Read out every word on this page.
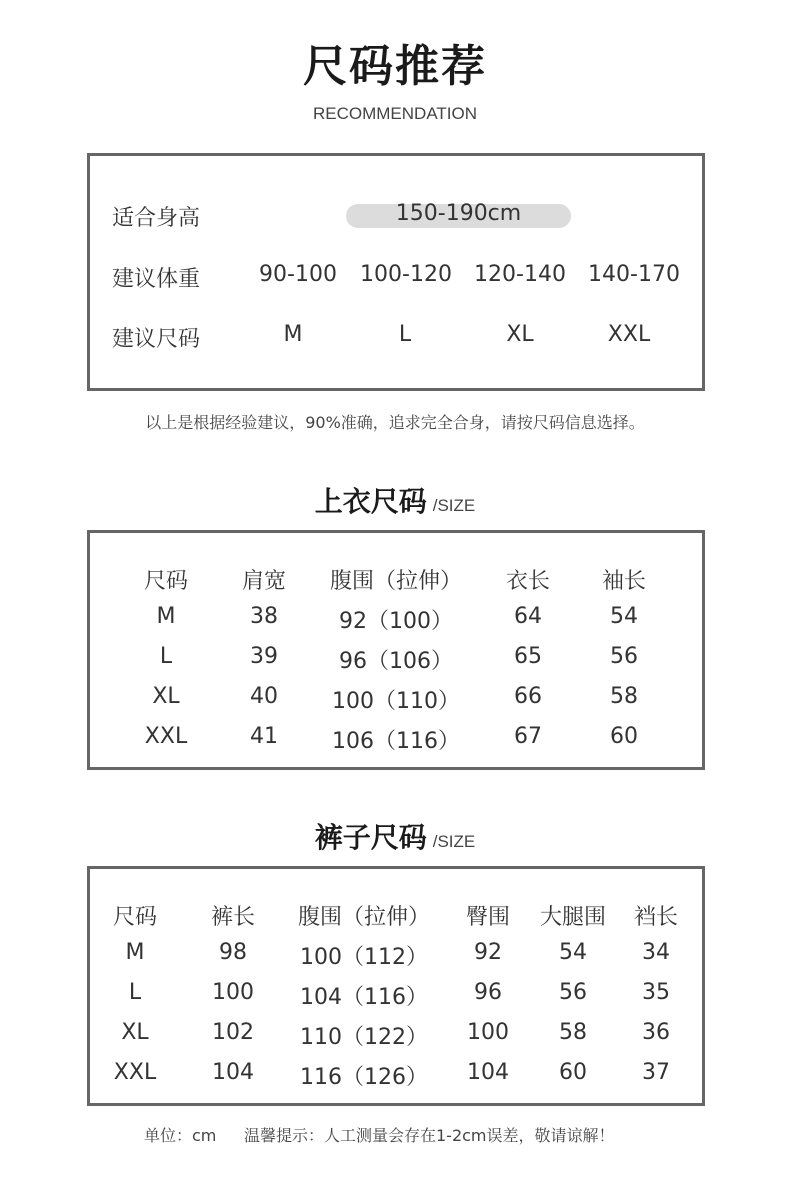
尺码推荐
RECOMMENDATION
适合身高	150-190cm
建议体重	90-100	100-120	120-140	140-170
建议尺码	M	L	XL	XXL
以上是根据经验建议，90%准确，追求完全合身，请按尺码信息选择。
上衣尺码 /SIZE
尺码	肩宽	腹围（拉伸）	衣长	袖长
M	38	92（100）	64	54
L	39	96（106）	65	56
XL	40	100（110）	66	58
XXL	41	106（116）	67	60
裤子尺码 /SIZE
尺码	裤长	腹围（拉伸）	臀围	大腿围	裆长
M	98	100（112）	92	54	34
L	100	104（116）	96	56	35
XL	102	110（122）	100	58	36
XXL	104	116（126）	104	60	37
单位：cm 温馨提示：人工测量会存在1-2cm误差，敬请谅解！
